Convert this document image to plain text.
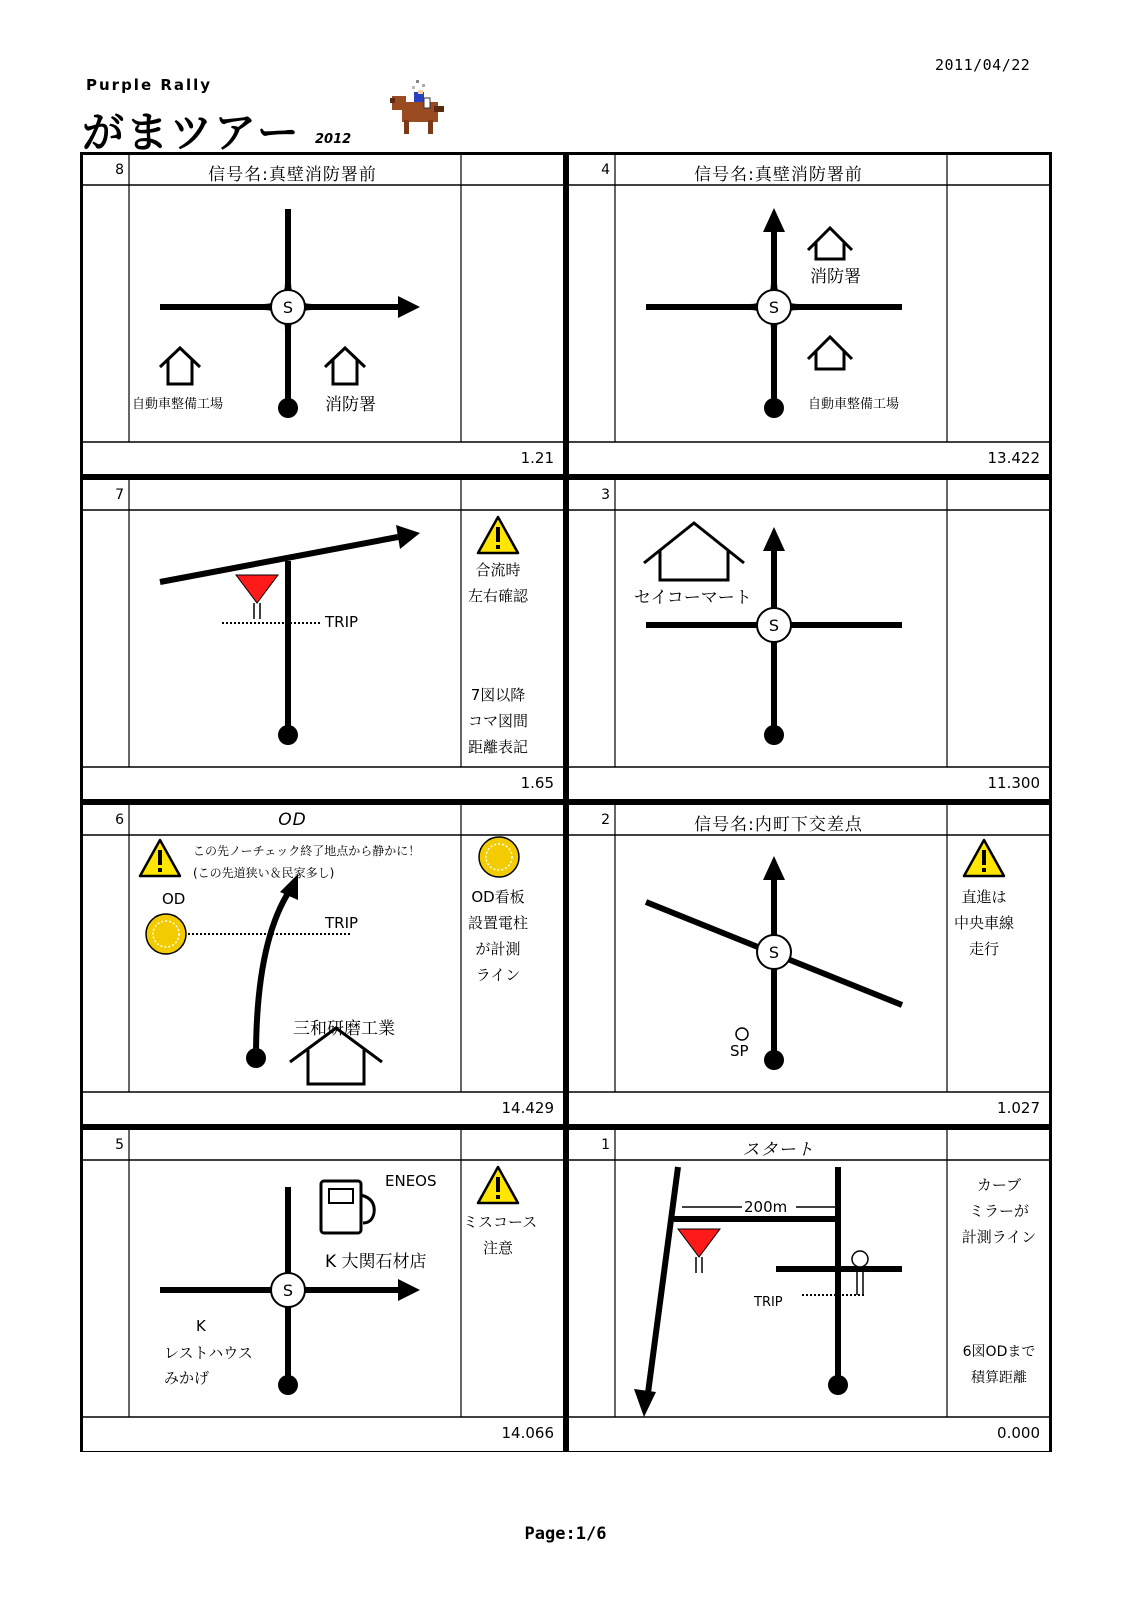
2011/04/22
Purple Rally
がまツアー 2012
8	信号名:真壁消防署前
S
自動車整備工場	消防署
1.21
4	信号名:真壁消防署前
S
消防署
自動車整備工場
13.422
7
TRIP
合流時
左右確認
7図以降
コマ図間
距離表記
1.65
3
S
セイコーマート
11.300
6	OD
この先ノーチェック終了地点から静かに！
(この先道狭い＆民家多し)
OD
TRIP
三和研磨工業
OD看板
設置電柱
が計測
ライン
14.429
2	信号名:内町下交差点
S
SP
直進は
中央車線
走行
1.027
5
S
ENEOS
K 大関石材店
K
レストハウス
みかげ
ミスコース
注意
14.066
1	スタート
200m
TRIP
カーブ
ミラーが
計測ライン
6図ODまで
積算距離
0.000
Page:1/6
